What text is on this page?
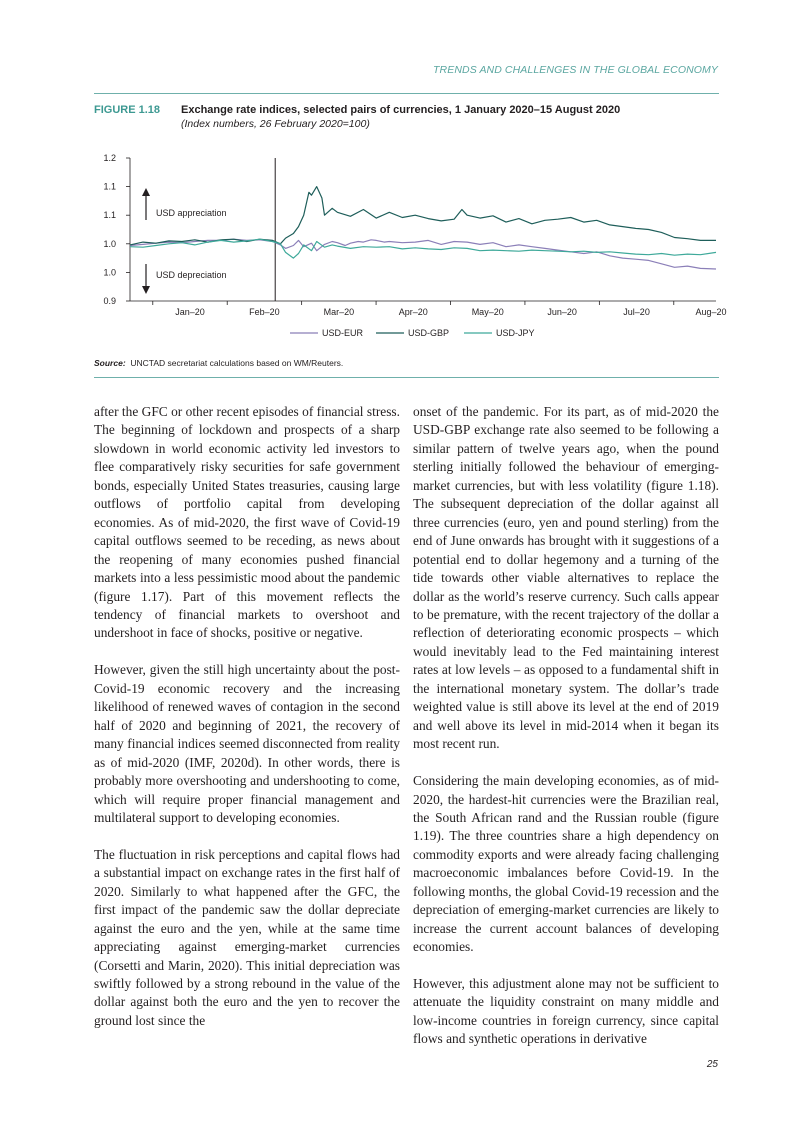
TRENDS AND CHALLENGES IN THE GLOBAL ECONOMY
FIGURE 1.18 Exchange rate indices, selected pairs of currencies, 1 January 2020–15 August 2020
(Index numbers, 26 February 2020=100)
1.2
1.1
1.1
1.0
1.0
0.9
Jan–20	Feb–20	Mar–20	Apr–20	May–20	Jun–20	Jul–20	Aug–20
USD appreciation
USD depreciation
USD-EUR	USD-GBP	USD-JPY
Source: UNCTAD secretariat calculations based on WM/Reuters.

after the GFC or other recent episodes of financial stress. The beginning of lockdown and prospects of a sharp slowdown in world economic activity led investors to flee comparatively risky securities for safe government bonds, especially United States treasuries, causing large outflows of portfolio capital from developing economies. As of mid-2020, the first wave of Covid-19 capital outflows seemed to be receding, as news about the reopening of many economies pushed financial markets into a less pessimistic mood about the pandemic (figure 1.17). Part of this movement reflects the tendency of financial markets to overshoot and undershoot in face of shocks, positive or negative.

However, given the still high uncertainty about the post-Covid-19 economic recovery and the increasing likelihood of renewed waves of contagion in the second half of 2020 and beginning of 2021, the recovery of many financial indices seemed disconnected from reality as of mid-2020 (IMF, 2020d). In other words, there is probably more overshooting and undershooting to come, which will require proper financial management and multilateral support to developing economies.

The fluctuation in risk perceptions and capital flows had a substantial impact on exchange rates in the first half of 2020. Similarly to what happened after the GFC, the first impact of the pandemic saw the dollar depreciate against the euro and the yen, while at the same time appreciating against emerging-market currencies (Corsetti and Marin, 2020). This initial depreciation was swiftly followed by a strong rebound in the value of the dollar against both the euro and the yen to recover the ground lost since the

onset of the pandemic. For its part, as of mid-2020 the USD-GBP exchange rate also seemed to be following a similar pattern of twelve years ago, when the pound sterling initially followed the behaviour of emerging-market currencies, but with less volatility (figure 1.18). The subsequent depreciation of the dollar against all three currencies (euro, yen and pound sterling) from the end of June onwards has brought with it suggestions of a potential end to dollar hegemony and a turning of the tide towards other viable alternatives to replace the dollar as the world’s reserve currency. Such calls appear to be premature, with the recent trajectory of the dollar a reflection of deteriorating economic prospects – which would inevitably lead to the Fed maintaining interest rates at low levels – as opposed to a fundamental shift in the international monetary system. The dollar’s trade weighted value is still above its level at the end of 2019 and well above its level in mid-2014 when it began its most recent run.

Considering the main developing economies, as of mid-2020, the hardest-hit currencies were the Brazilian real, the South African rand and the Russian rouble (figure 1.19). The three countries share a high dependency on commodity exports and were already facing challenging macroeconomic imbalances before Covid-19. In the following months, the global Covid-19 recession and the depreciation of emerging-market currencies are likely to increase the current account balances of developing economies.

However, this adjustment alone may not be sufficient to attenuate the liquidity constraint on many middle and low-income countries in foreign currency, since capital flows and synthetic operations in derivative

25
